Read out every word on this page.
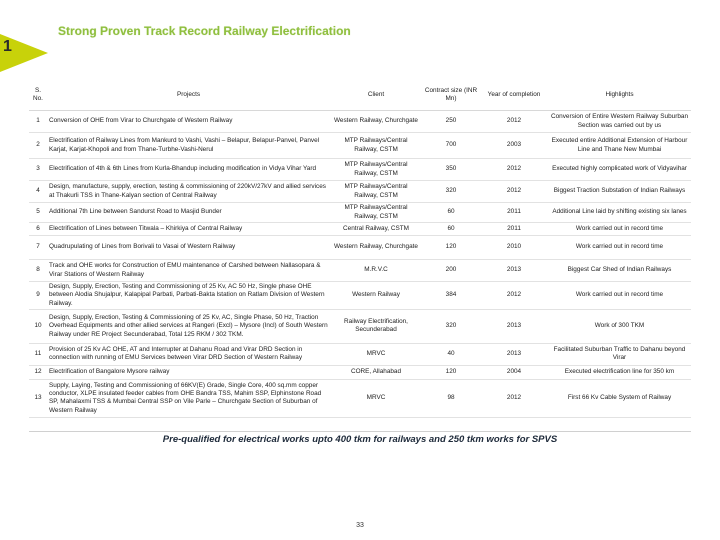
Strong Proven Track Record Railway Electrification
1
S. No.	Projects	Client	Contract size (INR Mn)	Year of completion	Highlights
1	Conversion of OHE from Virar to Churchgate of Western Railway	Western Railway, Churchgate	250	2012	Conversion of Entire Western Railway Suburban Section was carried out by us
2	Electrification of Railway Lines from Mankurd to Vashi, Vashi – Belapur, Belapur-Panvel, Panvel Karjat, Karjat-Khopoli and from Thane-Turbhe-Vashi-Nerul	MTP Railways/Central Railway, CSTM	700	2003	Executed entire Additional Extension of Harbour Line and Thane New Mumbai
3	Electrification of 4th & 6th Lines from Kurla-Bhandup including modification in Vidya Vihar Yard	MTP Railways/Central Railway, CSTM	350	2012	Executed highly complicated work of Vidyavihar
4	Design, manufacture, supply, erection, testing & commissioning of 220kV/27kV and allied services at Thakurli TSS in Thane-Kalyan section of Central Railway	MTP Railways/Central Railway, CSTM	320	2012	Biggest Traction Substation of Indian Railways
5	Additional 7th Line between Sandurst Road to Masjid Bunder	MTP Railways/Central Railway, CSTM	60	2011	Additional Line laid by shifting existing six lanes
6	Electrification of Lines between Titwala – Khirkiya of Central Railway	Central Railway, CSTM	60	2011	Work carried out in record time
7	Quadrupulating of Lines from Borivali to Vasai of Western Railway	Western Railway, Churchgate	120	2010	Work carried out in record time
8	Track and OHE works for Construction of EMU maintenance of Carshed between Nallasopara & Virar Stations of Western Railway	M.R.V.C	200	2013	Biggest Car Shed of Indian Railways
9	Design, Supply, Erection, Testing and Commissioning of 25 Kv, AC 50 Hz, Single phase OHE between Alodia Shujalpur, Kalapipal Parbati, Parbati-Bakta lstation on Ratlam Division of Western Railway.	Western Railway	384	2012	Work carried out in record time
10	Design, Supply, Erection, Testing & Commissioning of 25 Kv, AC, Single Phase, 50 Hz, Traction Overhead Equipments and other allied services at Rangeri (Excl) – Mysore (Incl) of South Western Railway under RE Project Secunderabad, Total 125 RKM / 302 TKM.	Railway Electrification, Secunderabad	320	2013	Work of 300 TKM
11	Provision of 25 Kv AC OHE, AT and Interrupter at Dahanu Road and Virar DRD Section in connection with running of EMU Services between Virar DRD Section of Western Railway	MRVC	40	2013	Facilitated Suburban Traffic to Dahanu beyond Virar
12	Electrification of Bangalore Mysore railway	CORE, Allahabad	120	2004	Executed electrification line for 350 km
13	Supply, Laying, Testing and Commissioning of 66KV(E) Grade, Single Core, 400 sq.mm copper conductor, XLPE insulated feeder cables from OHE Bandra TSS, Mahim SSP, Elphinstone Road SP, Mahalaxmi TSS & Mumbai Central SSP on Vile Parle – Churchgate Section of Suburban of Western Railway	MRVC	98	2012	First 66 Kv Cable System of Railway
Pre-qualified for electrical works upto 400 tkm for railways and 250 tkm works for SPVS
33
